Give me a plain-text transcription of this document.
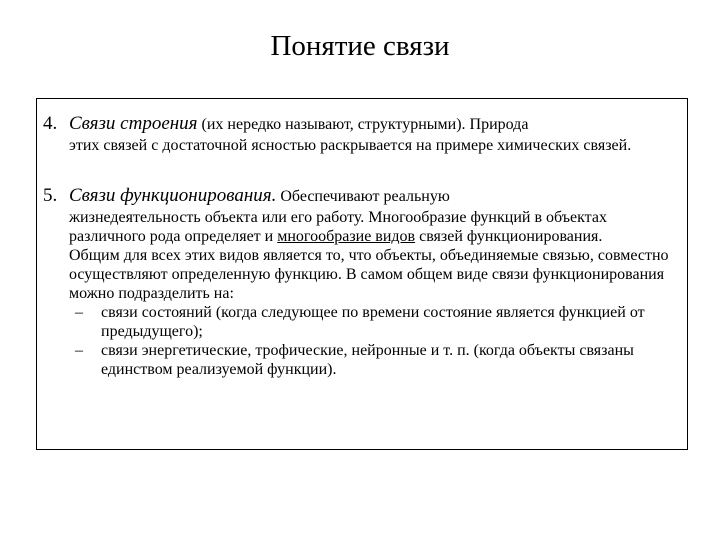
Понятие связи
4. Связи строения (их нередко называют, структурными). Природа
этих связей с достаточной ясностью раскрывается на примере химических связей.
5. Связи функционирования. Обеспечивают реальную
жизнедеятельность объекта или его работу. Многообразие функций в объектах различного рода определяет и многообразие видов связей функционирования.
Общим для всех этих видов является то, что объекты, объединяемые связью, совместно осуществляют определенную функцию. В самом общем виде связи функционирования можно подразделить на:
– связи состояний (когда следующее по времени состояние является функцией от предыдущего);
– связи энергетические, трофические, нейронные и т. п. (когда объекты связаны единством реализуемой функции).
